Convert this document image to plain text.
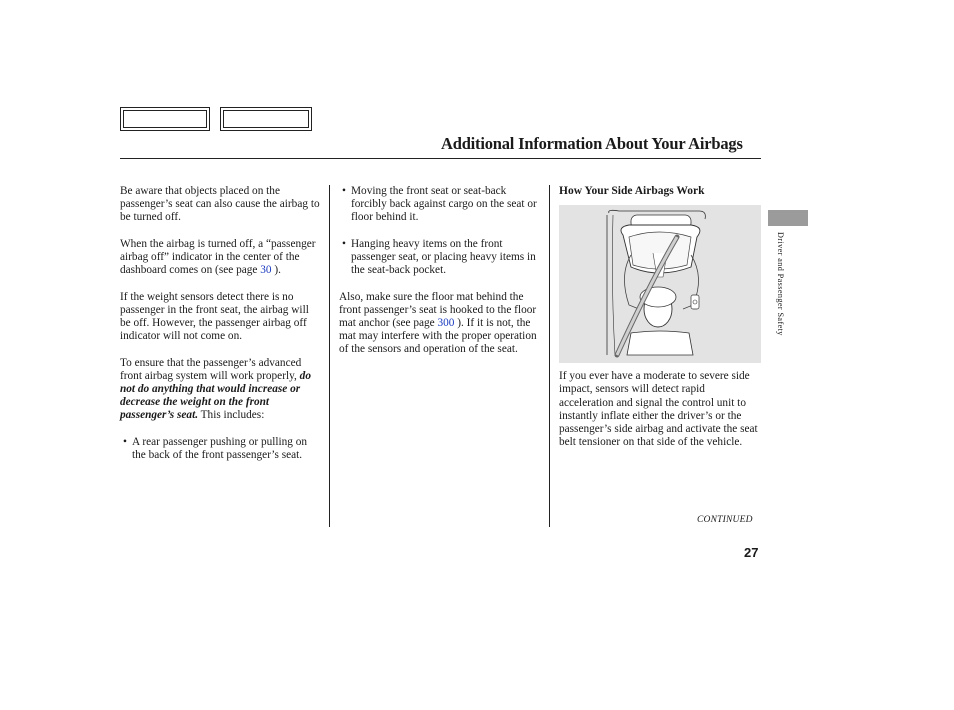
Additional Information About Your Airbags

Be aware that objects placed on the passenger’s seat can also cause the airbag to be turned off.

When the airbag is turned off, a “passenger airbag off” indicator in the center of the dashboard comes on (see page 30 ).

If the weight sensors detect there is no passenger in the front seat, the airbag will be off. However, the passenger airbag off indicator will not come on.

To ensure that the passenger’s advanced front airbag system will work properly, do not do anything that would increase or decrease the weight on the front passenger’s seat. This includes:

• A rear passenger pushing or pulling on the back of the front passenger’s seat.
• Moving the front seat or seat-back forcibly back against cargo on the seat or floor behind it.
• Hanging heavy items on the front passenger seat, or placing heavy items in the seat-back pocket.

Also, make sure the floor mat behind the front passenger’s seat is hooked to the floor mat anchor (see page 300 ). If it is not, the mat may interfere with the proper operation of the sensors and operation of the seat.

How Your Side Airbags Work

If you ever have a moderate to severe side impact, sensors will detect rapid acceleration and signal the control unit to instantly inflate either the driver’s or the passenger’s side airbag and activate the seat belt tensioner on that side of the vehicle.

Driver and Passenger Safety
CONTINUED
27
